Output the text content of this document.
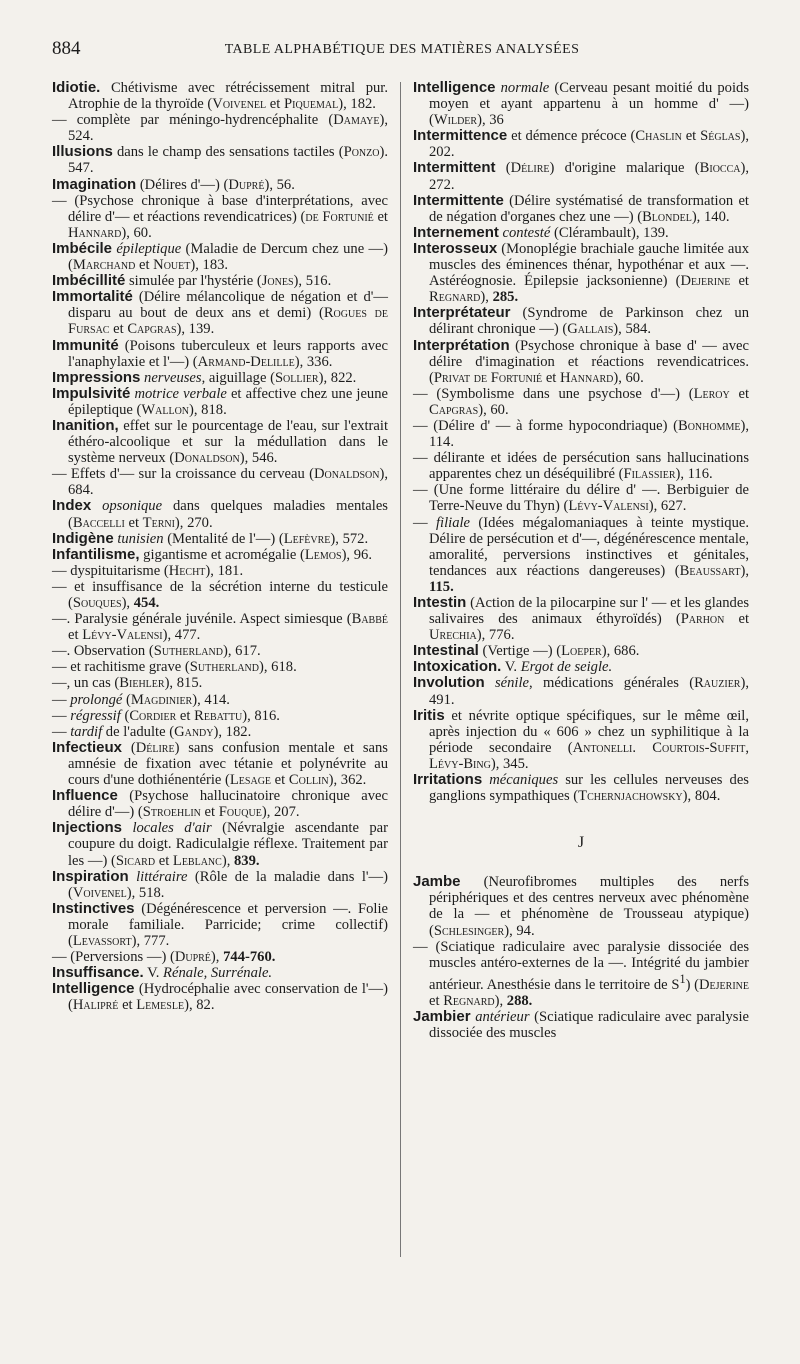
884	TABLE ALPHABÉTIQUE DES MATIÈRES ANALYSÉES

Idiotie. Chétivisme avec rétrécissement mitral pur. Atrophie de la thyroïde (Voivenel et Piquemal), 182.

— complète par méningo-hydrencéphalite (Damaye), 524.

Illusions dans le champ des sensations tactiles (Ponzo). 547.

Imagination (Délires d'—) (Dupré), 56.

— (Psychose chronique à base d'interprétations, avec délire d'— et réactions revendicatrices) (de Fortunié et Hannard), 60.

Imbécile épileptique (Maladie de Dercum chez une —) (Marchand et Nouet), 183.

Imbécillité simulée par l'hystérie (Jones), 516.

Immortalité (Délire mélancolique de négation et d'— disparu au bout de deux ans et demi) (Rogues de Fursac et Capgras), 139.

Immunité (Poisons tuberculeux et leurs rapports avec l'anaphylaxie et l'—) (Armand-Delille), 336.

Impressions nerveuses, aiguillage (Sollier), 822.

Impulsivité motrice verbale et affective chez une jeune épileptique (Wallon), 818.

Inanition, effet sur le pourcentage de l'eau, sur l'extrait éthéro-alcoolique et sur la médullation dans le système nerveux (Donaldson), 546.

— Effets d'— sur la croissance du cerveau (Donaldson), 684.

Index opsonique dans quelques maladies mentales (Baccelli et Terni), 270.

Indigène tunisien (Mentalité de l'—) (Lefèvre), 572.

Infantilisme, gigantisme et acromégalie (Lemos), 96.

— dyspituitarisme (Hecht), 181.

— et insuffisance de la sécrétion interne du testicule (Souques), 454.

—. Paralysie générale juvénile. Aspect simiesque (Babbé et Lévy-Valensi), 477.

—. Observation (Sutherland), 617.

— et rachitisme grave (Sutherland), 618.

—, un cas (Biehler), 815.

— prolongé (Magdinier), 414.

— régressif (Cordier et Rebattu), 816.

— tardif de l'adulte (Gandy), 182.

Infectieux (Délire) sans confusion mentale et sans amnésie de fixation avec tétanie et polynévrite au cours d'une dothiénentérie (Lesage et Collin), 362.

Influence (Psychose hallucinatoire chronique avec délire d'—) (Stroehlin et Fouque), 207.

Injections locales d'air (Névralgie ascendante par coupure du doigt. Radiculalgie réflexe. Traitement par les —) (Sicard et Leblanc), 839.

Inspiration littéraire (Rôle de la maladie dans l'—) (Voivenel), 518.

Instinctives (Dégénérescence et perversion —. Folie morale familiale. Parricide; crime collectif) (Levassort), 777.

— (Perversions —) (Dupré), 744-760.

Insuffisance. V. Rénale, Surrénale.

Intelligence (Hydrocéphalie avec conservation de l'—) (Halipré et Lemesle), 82.

Intelligence normale (Cerveau pesant moitié du poids moyen et ayant appartenu à un homme d' —) (Wilder), 36

Intermittence et démence précoce (Chaslin et Séglas), 202.

Intermittent (Délire) d'origine malarique (Biocca), 272.

Intermittente (Délire systématisé de transformation et de négation d'organes chez une —) (Blondel), 140.

Internement contesté (Clérambault), 139.

Interosseux (Monoplégie brachiale gauche limitée aux muscles des éminences thénar, hypothénar et aux —. Astéréognosie. Épilepsie jacksonienne) (Dejerine et Regnard), 285.

Interprétateur (Syndrome de Parkinson chez un délirant chronique —) (Gallais), 584.

Interprétation (Psychose chronique à base d' — avec délire d'imagination et réactions revendicatrices. (Privat de Fortunié et Hannard), 60.

— (Symbolisme dans une psychose d'—) (Leroy et Capgras), 60.

— (Délire d' — à forme hypocondriaque) (Bonhomme), 114.

— délirante et idées de persécution sans hallucinations apparentes chez un déséquilibré (Filassier), 116.

— (Une forme littéraire du délire d' —. Berbiguier de Terre-Neuve du Thyn) (Lévy-Valensi), 627.

— filiale (Idées mégalomaniaques à teinte mystique. Délire de persécution et d'—, dégénérescence mentale, amoralité, perversions instinctives et génitales, tendances aux réactions dangereuses) (Beaussart), 115.

Intestin (Action de la pilocarpine sur l' — et les glandes salivaires des animaux éthyroïdés) (Parhon et Urechia), 776.

Intestinal (Vertige —) (Loeper), 686.

Intoxication. V. Ergot de seigle.

Involution sénile, médications générales (Rauzier), 491.

Iritis et névrite optique spécifiques, sur le même œil, après injection du « 606 » chez un syphilitique à la période secondaire (Antonelli. Courtois-Suffit, Lévy-Bing), 345.

Irritations mécaniques sur les cellules nerveuses des ganglions sympathiques (Tchernjachowsky), 804.

J

Jambe (Neurofibromes multiples des nerfs périphériques et des centres nerveux avec phénomène de la — et phénomène de Trousseau atypique) (Schlesinger), 94.

— (Sciatique radiculaire avec paralysie dissociée des muscles antéro-externes de la —. Intégrité du jambier antérieur. Anesthésie dans le territoire de $S^1$) (Dejerine et Regnard), 288.

Jambier antérieur (Sciatique radiculaire avec paralysie dissociée des muscles
